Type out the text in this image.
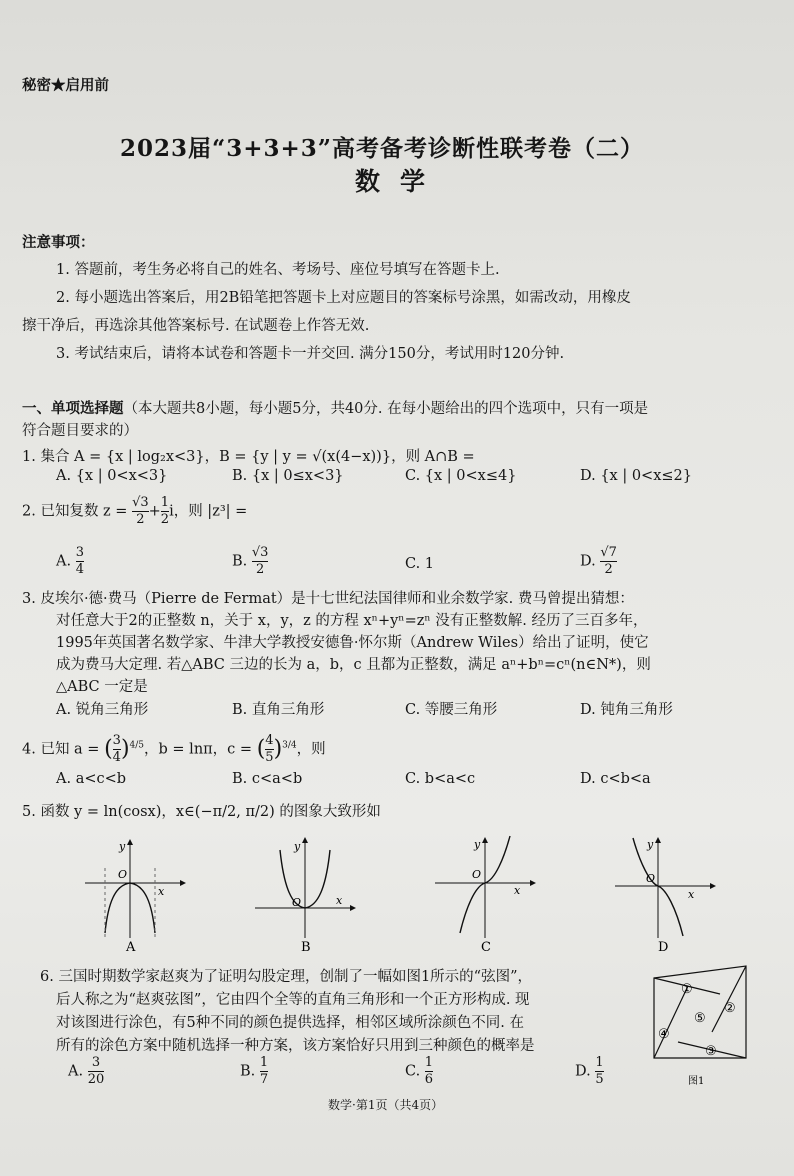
秘密★启用前
2023届“3+3+3”高考备考诊断性联考卷（二）
数学
注意事项：
1. 答题前，考生务必将自己的姓名、考场号、座位号填写在答题卡上.
2. 每小题选出答案后，用2B铅笔把答题卡上对应题目的答案标号涂黑，如需改动，用橡皮
擦干净后，再选涂其他答案标号. 在试题卷上作答无效.
3. 考试结束后，请将本试卷和答题卡一并交回. 满分150分，考试用时120分钟.
一、单项选择题（本大题共8小题，每小题5分，共40分. 在每小题给出的四个选项中，只有一项是
符合题目要求的）
1. 集合 A = {x | log₂x<3}，B = {y | y = √(x(4−x))}，则 A∩B =
A. {x | 0<x<3}	B. {x | 0≤x<3}	C. {x | 0<x≤4}	D. {x | 0<x≤2}
2. 已知复数 $z = \frac{√3}{2} + \frac{1}{2}$ i，则 |z³| =
A. $\frac{3}{4}$	B. $\frac{√3}{2}$	C. 1	D. $\frac{√7}{2}$
3. 皮埃尔·德·费马（Pierre de Fermat）是十七世纪法国律师和业余数学家. 费马曾提出猜想：
对任意大于2的正整数 n，关于 x，y，z 的方程 xⁿ+yⁿ=zⁿ 没有正整数解. 经历了三百多年，
1995年英国著名数学家、牛津大学教授安德鲁·怀尔斯（Andrew Wiles）给出了证明，使它
成为费马大定理. 若△ABC 三边的长为 a，b，c 且都为正整数，满足 aⁿ+bⁿ=cⁿ(n∈N*)，则
△ABC 一定是
A. 锐角三角形	B. 直角三角形	C. 等腰三角形	D. 钝角三角形
4. 已知 a = ( $\frac{3}{4} )^{4/5}$，b = lnπ，c = ( $\frac{4}{5} )^{3/4}$，则
A. a<c<b	B. c<a<b	C. b<a<c	D. c<b<a
5. 函数 y = ln(cosx)，x∈(−π/2, π/2) 的图象大致形如
y
O
x
A
y
O	x
B
y
O
x
C
y
O
x
D
6. 三国时期数学家赵爽为了证明勾股定理，创制了一幅如图1所示的“弦图”，
后人称之为“赵爽弦图”，它由四个全等的直角三角形和一个正方形构成. 现
对该图进行涂色，有5种不同的颜色提供选择，相邻区域所涂颜色不同. 在
所有的涂色方案中随机选择一种方案，该方案恰好只用到三种颜色的概率是
A. $\frac{3}{20}$	B. $\frac{1}{7}$	C. $\frac{1}{6}$	D. $\frac{1}{5}$
①
②
③
④
⑤
图1
数学·第1页（共4页）
